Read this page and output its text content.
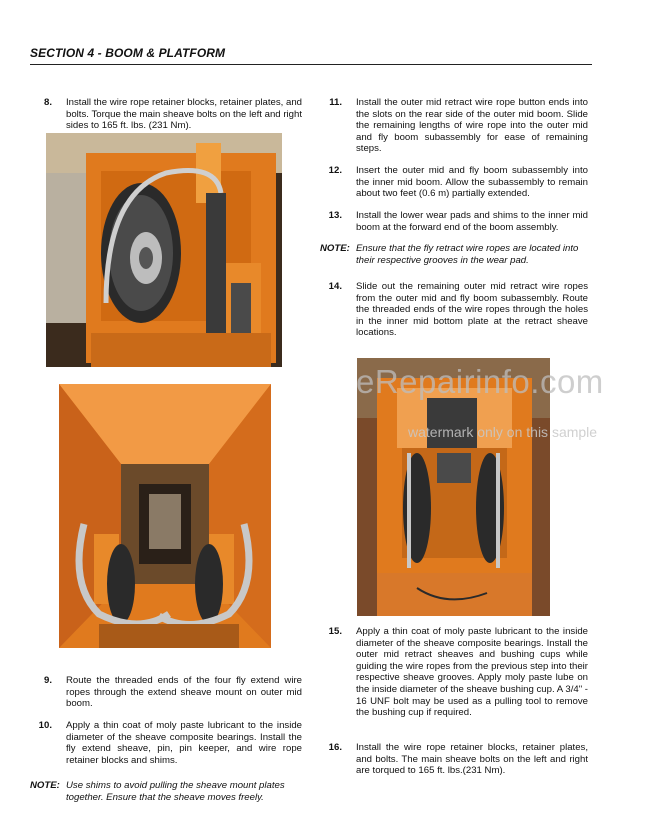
SECTION 4 - BOOM & PLATFORM
8. Install the wire rope retainer blocks, retainer plates, and bolts. Torque the main sheave bolts on the left and right sides to 165 ft. lbs. (231 Nm).
9. Route the threaded ends of the four fly extend wire ropes through the extend sheave mount on outer mid boom.
10. Apply a thin coat of moly paste lubricant to the inside diameter of the sheave composite bearings. Install the fly extend sheave, pin, pin keeper, and wire rope retainer blocks and shims.
NOTE: Use shims to avoid pulling the sheave mount plates together. Ensure that the sheave moves freely.
11. Install the outer mid retract wire rope button ends into the slots on the rear side of the outer mid boom. Slide the remaining lengths of wire rope into the outer mid and fly boom subassembly for ease of remaining steps.
12. Insert the outer mid and fly boom subassembly into the inner mid boom. Allow the subassembly to remain about two feet (0.6 m) partially extended.
13. Install the lower wear pads and shims to the inner mid boom at the forward end of the boom assembly.
NOTE: Ensure that the fly retract wire ropes are located into their respective grooves in the wear pad.
14. Slide out the remaining outer mid retract wire ropes from the outer mid and fly boom subassembly. Route the threaded ends of the wire ropes through the holes in the inner mid bottom plate at the retract sheave locations.
eRepairinfo.com
watermark only on this sample
15. Apply a thin coat of moly paste lubricant to the inside diameter of the sheave composite bearings. Install the outer mid retract sheaves and bushing cups while guiding the wire ropes from the previous step into their respective sheave grooves. Apply moly paste lube on the inside diameter of the sheave bushing cup. A 3/4" - 16 UNF bolt may be used as a pulling tool to remove the bushing cup if required.
16. Install the wire rope retainer blocks, retainer plates, and bolts. The main sheave bolts on the left and right are torqued to 165 ft. lbs.(231 Nm).
